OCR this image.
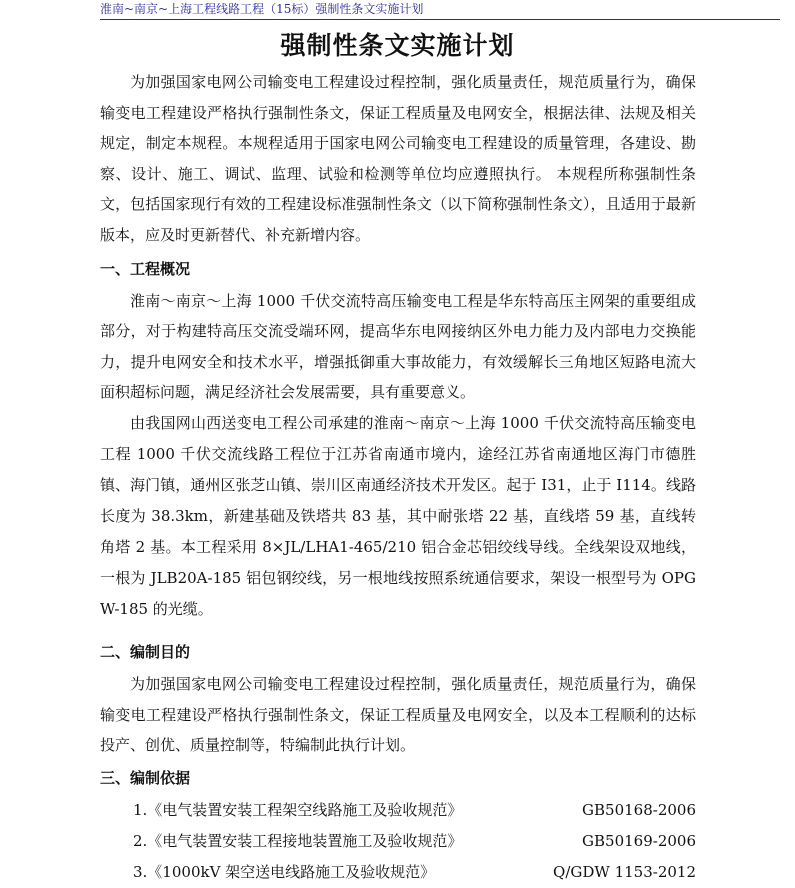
淮南~南京~上海工程线路工程（15标）强制性条文实施计划
强制性条文实施计划

为加强国家电网公司输变电工程建设过程控制，强化质量责任，规范质量行为，确保输变电工程建设严格执行强制性条文，保证工程质量及电网安全，根据法律、法规及相关规定，制定本规程。本规程适用于国家电网公司输变电工程建设的质量管理，各建设、勘察、设计、施工、调试、监理、试验和检测等单位均应遵照执行。 本规程所称强制性条文，包括国家现行有效的工程建设标准强制性条文（以下简称强制性条文），且适用于最新版本，应及时更新替代、补充新增内容。

一、工程概况

淮南～南京～上海 1000 千伏交流特高压输变电工程是华东特高压主网架的重要组成部分，对于构建特高压交流受端环网，提高华东电网接纳区外电力能力及内部电力交换能力，提升电网安全和技术水平，增强抵御重大事故能力，有效缓解长三角地区短路电流大面积超标问题，满足经济社会发展需要，具有重要意义。

由我国网山西送变电工程公司承建的淮南～南京～上海 1000 千伏交流特高压输变电工程 1000 千伏交流线路工程位于江苏省南通市境内，途经江苏省南通地区海门市德胜镇、海门镇，通州区张芝山镇、崇川区南通经济技术开发区。起于 I31，止于 I114。线路长度为 38.3km，新建基础及铁塔共 83 基，其中耐张塔 22 基，直线塔 59 基，直线转角塔 2 基。本工程采用 8×JL/LHA1-465/210 铝合金芯铝绞线导线。全线架设双地线，一根为 JLB20A-185 铝包钢绞线，另一根地线按照系统通信要求，架设一根型号为 OPGW-185 的光缆。

二、编制目的

为加强国家电网公司输变电工程建设过程控制，强化质量责任，规范质量行为，确保输变电工程建设严格执行强制性条文，保证工程质量及电网安全，以及本工程顺利的达标投产、创优、质量控制等，特编制此执行计划。

三、编制依据
1.《电气装置安装工程架空线路施工及验收规范》	GB50168-2006
2.《电气装置安装工程接地装置施工及验收规范》	GB50169-2006
3.《1000kV 架空送电线路施工及验收规范》	Q/GDW 1153-2012
